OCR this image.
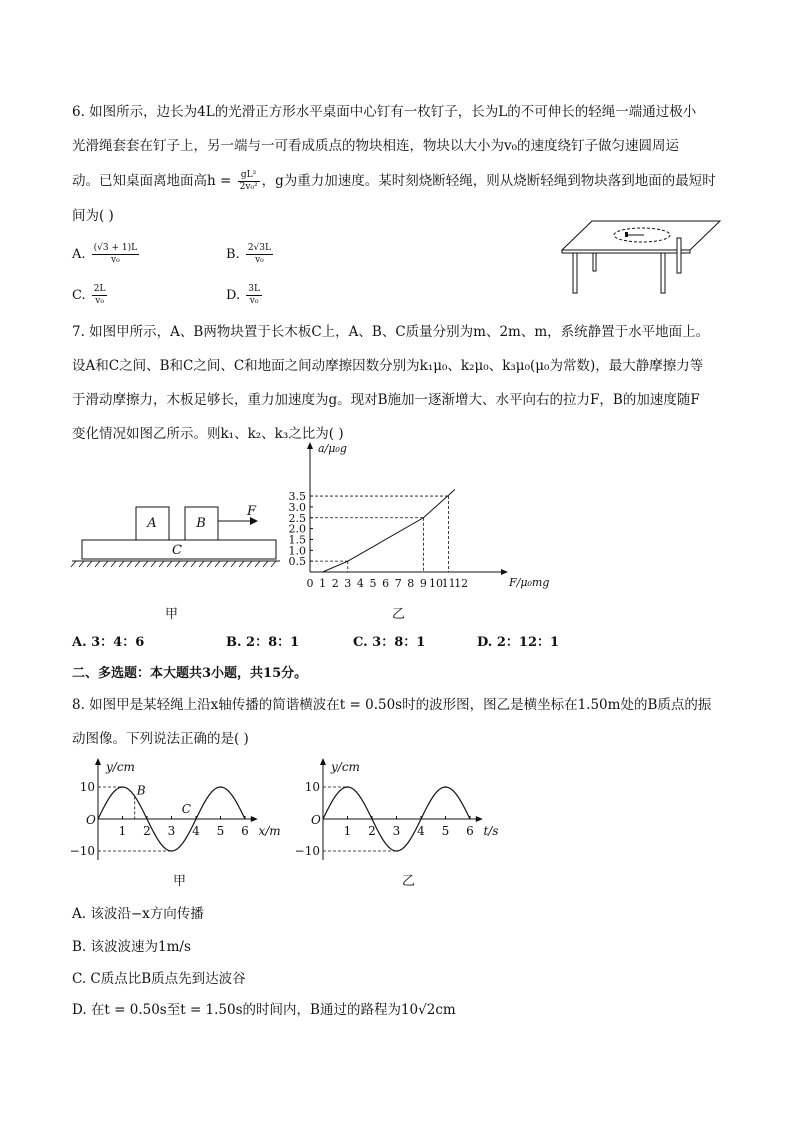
6. 如图所示，边长为4L的光滑正方形水平桌面中心钉有一枚钉子，长为L的不可伸长的轻绳一端通过极小
光滑绳套套在钉子上，另一端与一可看成质点的物块相连，物块以大小为v₀的速度绕钉子做匀速圆周运
动。已知桌面离地面高$h = \frac{\text{gL²}}{\text{2v₀²}}$ ，g为重力加速度。某时刻烧断轻绳，则从烧断轻绳到物块落到地面的最短时
间为( )
A. $\frac{(√3 + 1)L}{\text{v₀}}$	B. $\frac{2√3L}{\text{v₀}}$
C. $\frac{2L}{\text{v₀}}$	D. $\frac{3L}{\text{v₀}}$
7. 如图甲所示，A、B两物块置于长木板C上，A、B、C质量分别为m、2m、m，系统静置于水平地面上。
设A和C之间、B和C之间、C和地面之间动摩擦因数分别为k₁μ₀、k₂μ₀、k₃μ₀(μ₀为常数)，最大静摩擦力等
于滑动摩擦力，木板足够长，重力加速度为g。现对B施加一逐渐增大、水平向右的拉力F，B的加速度随F
变化情况如图乙所示。则k₁、k₂、k₃之比为( )
A	B
F
C
甲
a/μ₀g
F/μ₀mg
0 1 2 3 4 5 6 7 8 9 10
11
12
0.5
1.0
1.5
2.0
2.5
3.0
3.5
乙
A. 3：4：6	B. 2：8：1	C. 3：8：1	D. 2：12：1
二、多选题：本大题共3小题，共15分。
8. 如图甲是某轻绳上沿x轴传播的简谐横波在t = 0.50s时的波形图，图乙是横坐标在1.50m处的B质点的振
动图像。下列说法正确的是( )
y/cm
x/m
O
10
−10
1 2 3 4 5 6
B
C
甲
y/cm
t/s
O
10
−10
1 2 3 4 5 6
乙
A. 该波沿−x方向传播
B. 该波波速为1m/s
C. C质点比B质点先到达波谷
D. 在t = 0.50s至t = 1.50s的时间内，B通过的路程为10√2cm
